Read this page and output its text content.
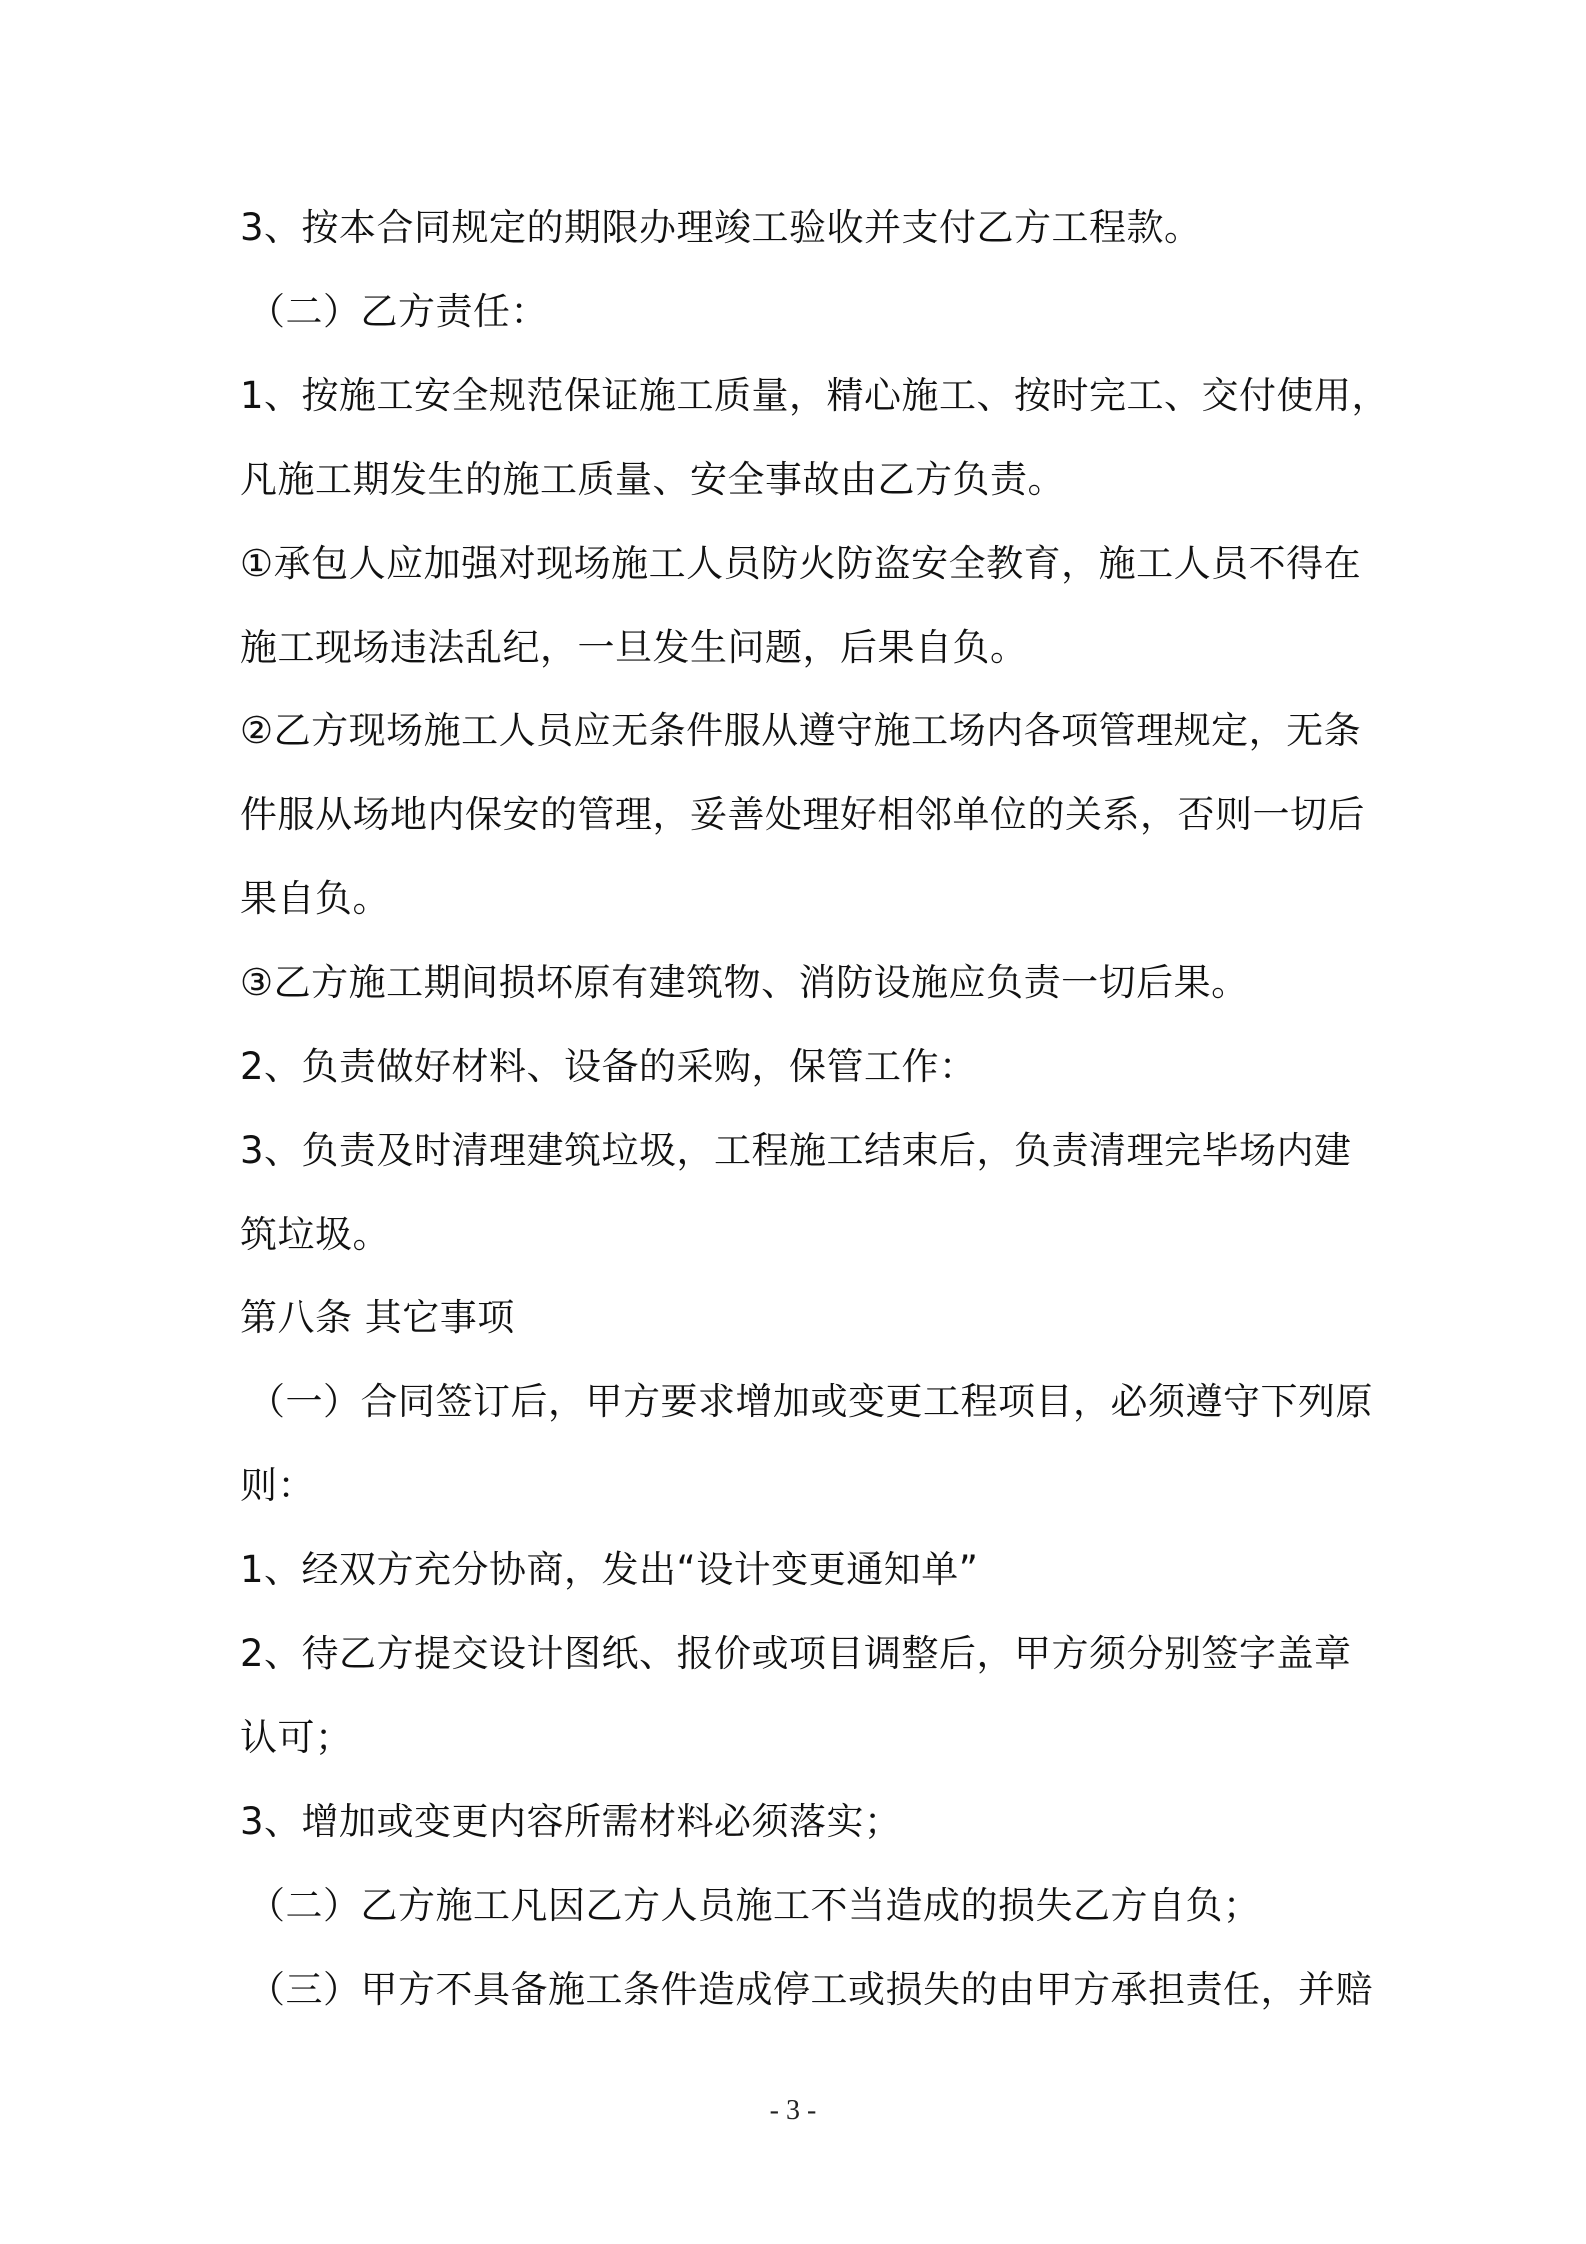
3、按本合同规定的期限办理竣工验收并支付乙方工程款。
（二）乙方责任：
1、按施工安全规范保证施工质量，精心施工、按时完工、交付使用，
凡施工期发生的施工质量、安全事故由乙方负责。
①承包人应加强对现场施工人员防火防盗安全教育，施工人员不得在
施工现场违法乱纪，一旦发生问题，后果自负。
②乙方现场施工人员应无条件服从遵守施工场内各项管理规定，无条
件服从场地内保安的管理，妥善处理好相邻单位的关系，否则一切后
果自负。
③乙方施工期间损坏原有建筑物、消防设施应负责一切后果。
2、负责做好材料、设备的采购，保管工作：
3、负责及时清理建筑垃圾，工程施工结束后，负责清理完毕场内建
筑垃圾。
第八条 其它事项
（一）合同签订后，甲方要求增加或变更工程项目，必须遵守下列原
则：
1、经双方充分协商，发出“设计变更通知单”
2、待乙方提交设计图纸、报价或项目调整后，甲方须分别签字盖章
认可；
3、增加或变更内容所需材料必须落实；
（二）乙方施工凡因乙方人员施工不当造成的损失乙方自负；
（三）甲方不具备施工条件造成停工或损失的由甲方承担责任，并赔
- 3 -
